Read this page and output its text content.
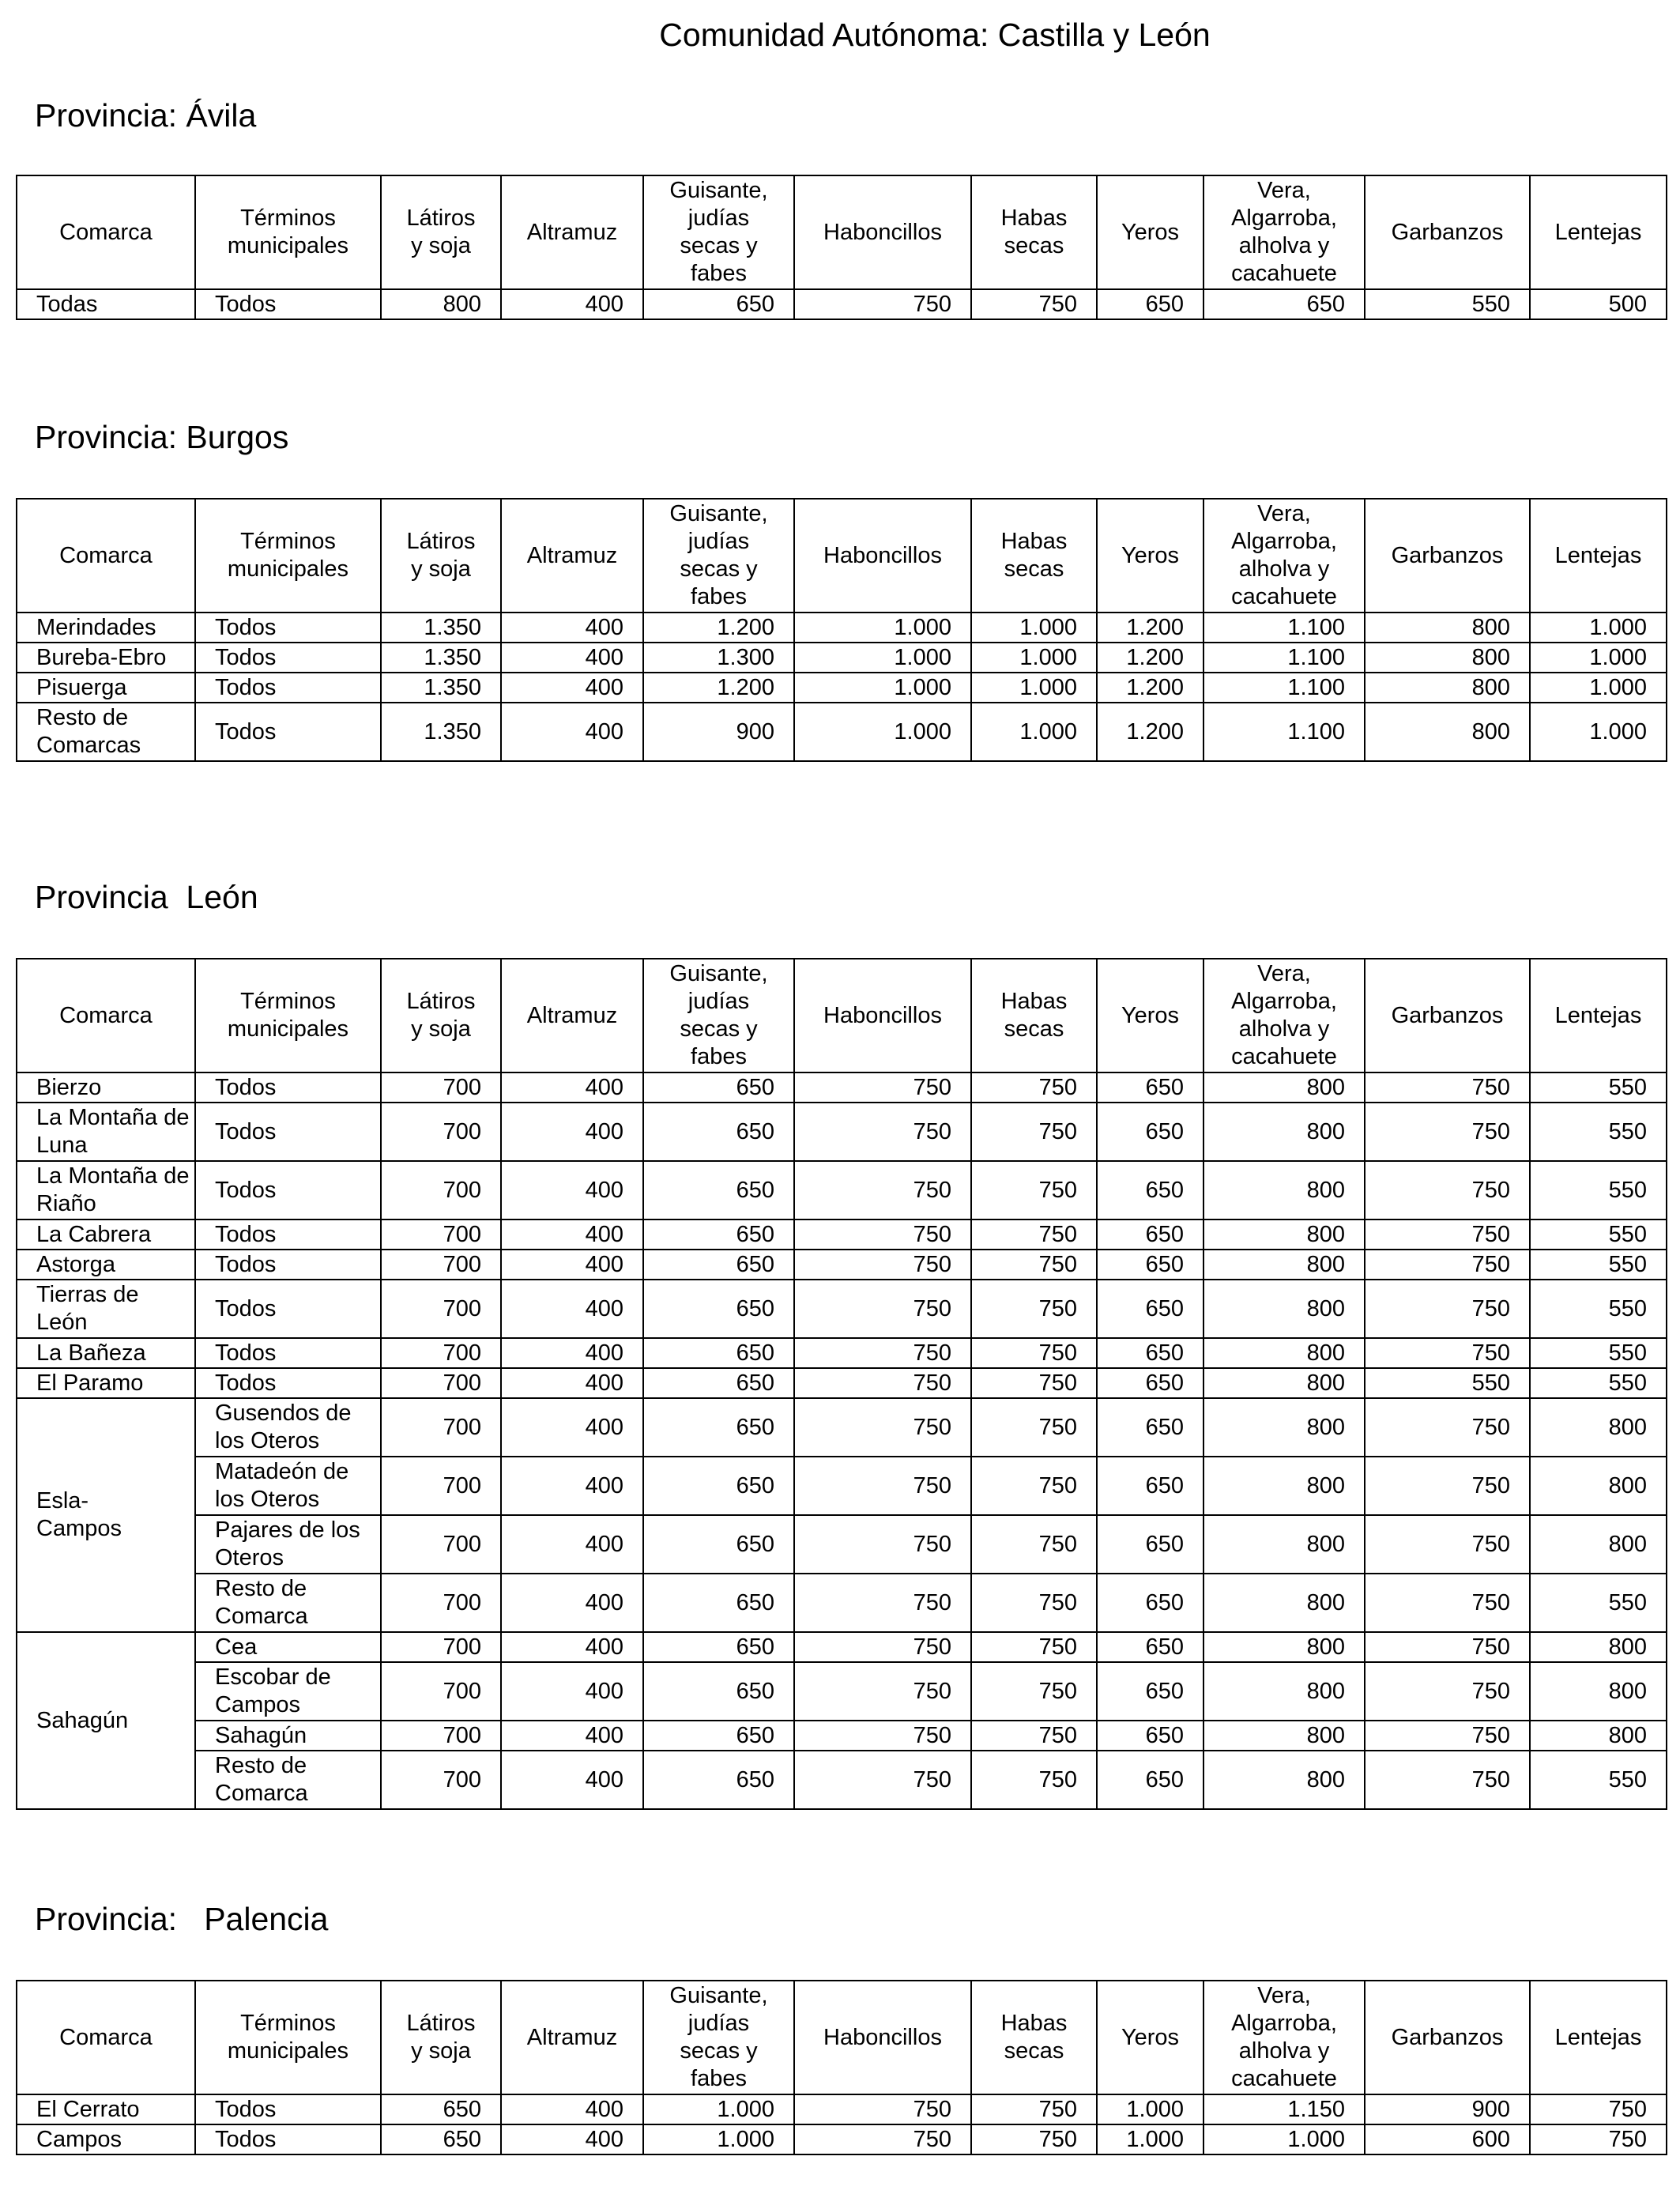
Comunidad Autónoma: Castilla y León
Provincia: Ávila
Comarca	Términos municipales	Látiros y soja	Altramuz	Guisante, judías secas y fabes	Haboncillos	Habas secas	Yeros	Vera, Algarroba, alholva y cacahuete	Garbanzos	Lentejas
Todas	Todos	800	400	650	750	750	650	650	550	500
Provincia: Burgos
Comarca	Términos municipales	Látiros y soja	Altramuz	Guisante, judías secas y fabes	Haboncillos	Habas secas	Yeros	Vera, Algarroba, alholva y cacahuete	Garbanzos	Lentejas
Merindades	Todos	1.350	400	1.200	1.000	1.000	1.200	1.100	800	1.000
Bureba-Ebro	Todos	1.350	400	1.300	1.000	1.000	1.200	1.100	800	1.000
Pisuerga	Todos	1.350	400	1.200	1.000	1.000	1.200	1.100	800	1.000
Resto de Comarcas	Todos	1.350	400	900	1.000	1.000	1.200	1.100	800	1.000
Provincia  León
Comarca	Términos municipales	Látiros y soja	Altramuz	Guisante, judías secas y fabes	Haboncillos	Habas secas	Yeros	Vera, Algarroba, alholva y cacahuete	Garbanzos	Lentejas
Bierzo	Todos	700	400	650	750	750	650	800	750	550
La Montaña de Luna	Todos	700	400	650	750	750	650	800	750	550
La Montaña de Riaño	Todos	700	400	650	750	750	650	800	750	550
La Cabrera	Todos	700	400	650	750	750	650	800	750	550
Astorga	Todos	700	400	650	750	750	650	800	750	550
Tierras de León	Todos	700	400	650	750	750	650	800	750	550
La Bañeza	Todos	700	400	650	750	750	650	800	750	550
El Paramo	Todos	700	400	650	750	750	650	800	550	550
Esla-Campos	Gusendos de los Oteros	700	400	650	750	750	650	800	750	800
	Matadeón de los Oteros	700	400	650	750	750	650	800	750	800
	Pajares de los Oteros	700	400	650	750	750	650	800	750	800
	Resto de Comarca	700	400	650	750	750	650	800	750	550
Sahagún	Cea	700	400	650	750	750	650	800	750	800
	Escobar de Campos	700	400	650	750	750	650	800	750	800
	Sahagún	700	400	650	750	750	650	800	750	800
	Resto de Comarca	700	400	650	750	750	650	800	750	550
Provincia:   Palencia
Comarca	Términos municipales	Látiros y soja	Altramuz	Guisante, judías secas y fabes	Haboncillos	Habas secas	Yeros	Vera, Algarroba, alholva y cacahuete	Garbanzos	Lentejas
El Cerrato	Todos	650	400	1.000	750	750	1.000	1.150	900	750
Campos	Todos	650	400	1.000	750	750	1.000	1.000	600	750
